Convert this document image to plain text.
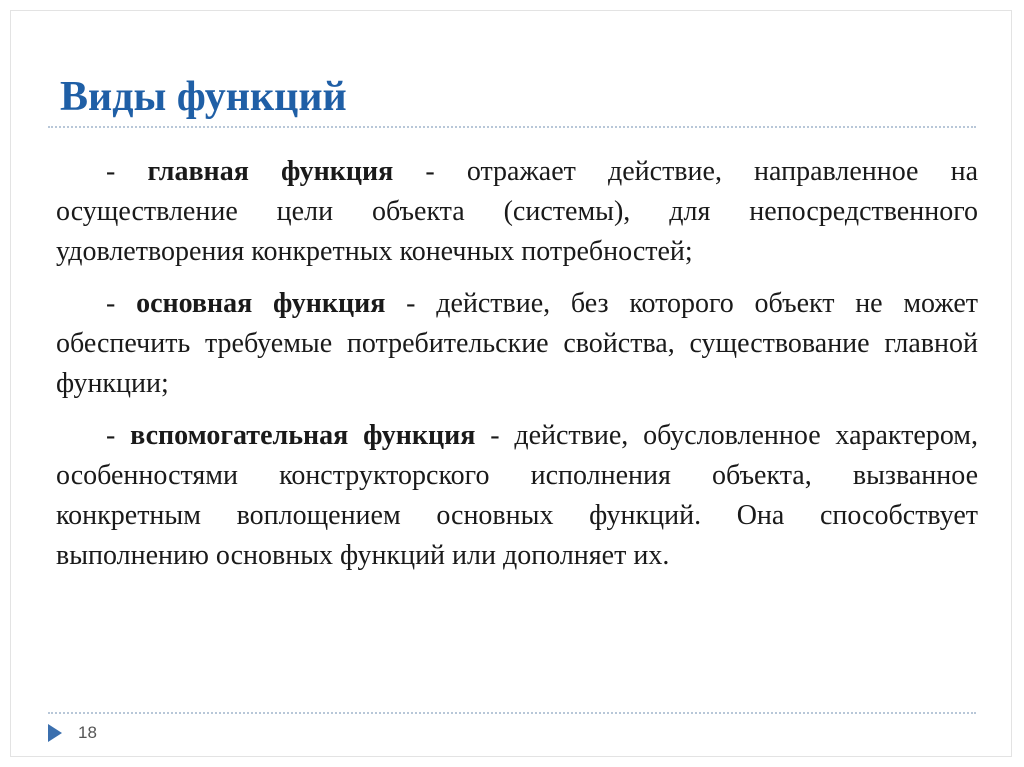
Виды функций

- главная функция - отражает действие, направленное на осуществление цели объекта (системы), для непосредственного удовлетворения конкретных конечных потребностей;

- основная функция - действие, без которого объект не может обеспечить требуемые потребительские свойства, существование главной функции;

- вспомогательная функция - действие, обусловленное характером, особенностями конструкторского исполнения объекта, вызванное конкретным воплощением основных функций. Она способствует выполнению основных функций или дополняет их.

18
